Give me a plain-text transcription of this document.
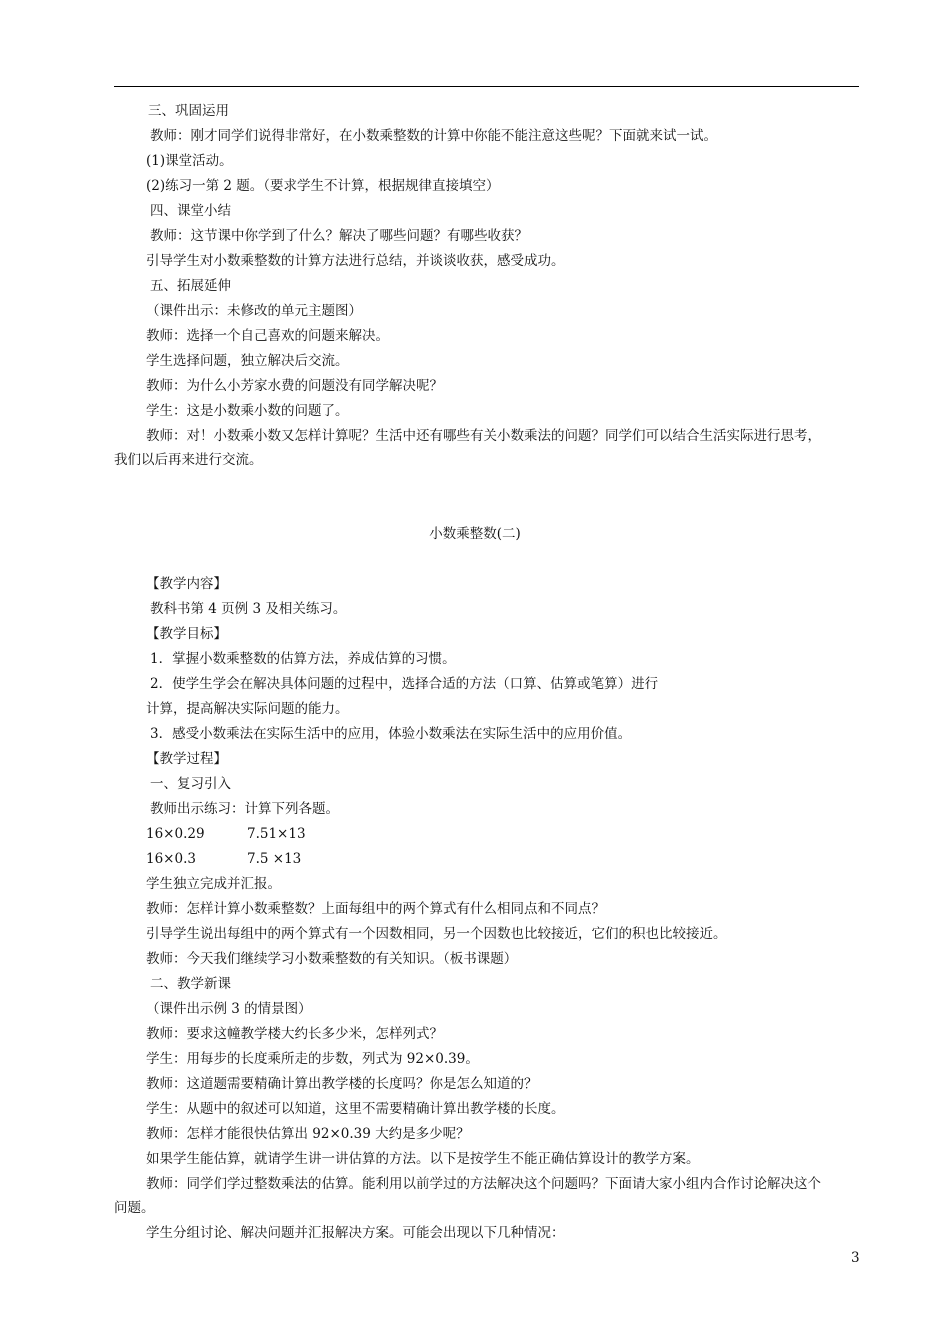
三、巩固运用
教师：刚才同学们说得非常好，在小数乘整数的计算中你能不能注意这些呢？下面就来试一试。
(1)课堂活动。
(2)练习一第 2 题。（要求学生不计算，根据规律直接填空）
四、课堂小结
教师：这节课中你学到了什么？解决了哪些问题？有哪些收获？
引导学生对小数乘整数的计算方法进行总结，并谈谈收获，感受成功。
五、拓展延伸
（课件出示：未修改的单元主题图）
教师：选择一个自己喜欢的问题来解决。
学生选择问题，独立解决后交流。
教师：为什么小芳家水费的问题没有同学解决呢？
学生：这是小数乘小数的问题了。
教师：对！小数乘小数又怎样计算呢？生活中还有哪些有关小数乘法的问题？同学们可以结合生活实际进行思考，
我们以后再来进行交流。
小数乘整数(二)
【教学内容】
教科书第 4 页例 3 及相关练习。
【教学目标】
1．掌握小数乘整数的估算方法，养成估算的习惯。
2．使学生学会在解决具体问题的过程中，选择合适的方法（口算、估算或笔算）进行
计算，提高解决实际问题的能力。
3．感受小数乘法在实际生活中的应用，体验小数乘法在实际生活中的应用价值。
【教学过程】
一、复习引入
教师出示练习：计算下列各题。
16×0.29	7.51×13
16×0.3	7.5 ×13
学生独立完成并汇报。
教师：怎样计算小数乘整数？上面每组中的两个算式有什么相同点和不同点？
引导学生说出每组中的两个算式有一个因数相同，另一个因数也比较接近，它们的积也比较接近。
教师：今天我们继续学习小数乘整数的有关知识。（板书课题）
二、教学新课
（课件出示例 3 的情景图）
教师：要求这幢教学楼大约长多少米，怎样列式？
学生：用每步的长度乘所走的步数，列式为 92×0.39。
教师：这道题需要精确计算出教学楼的长度吗？你是怎么知道的？
学生：从题中的叙述可以知道，这里不需要精确计算出教学楼的长度。
教师：怎样才能很快估算出 92×0.39 大约是多少呢？
如果学生能估算，就请学生讲一讲估算的方法。以下是按学生不能正确估算设计的教学方案。
教师：同学们学过整数乘法的估算。能利用以前学过的方法解决这个问题吗？下面请大家小组内合作讨论解决这个
问题。
学生分组讨论、解决问题并汇报解决方案。可能会出现以下几种情况：
3
